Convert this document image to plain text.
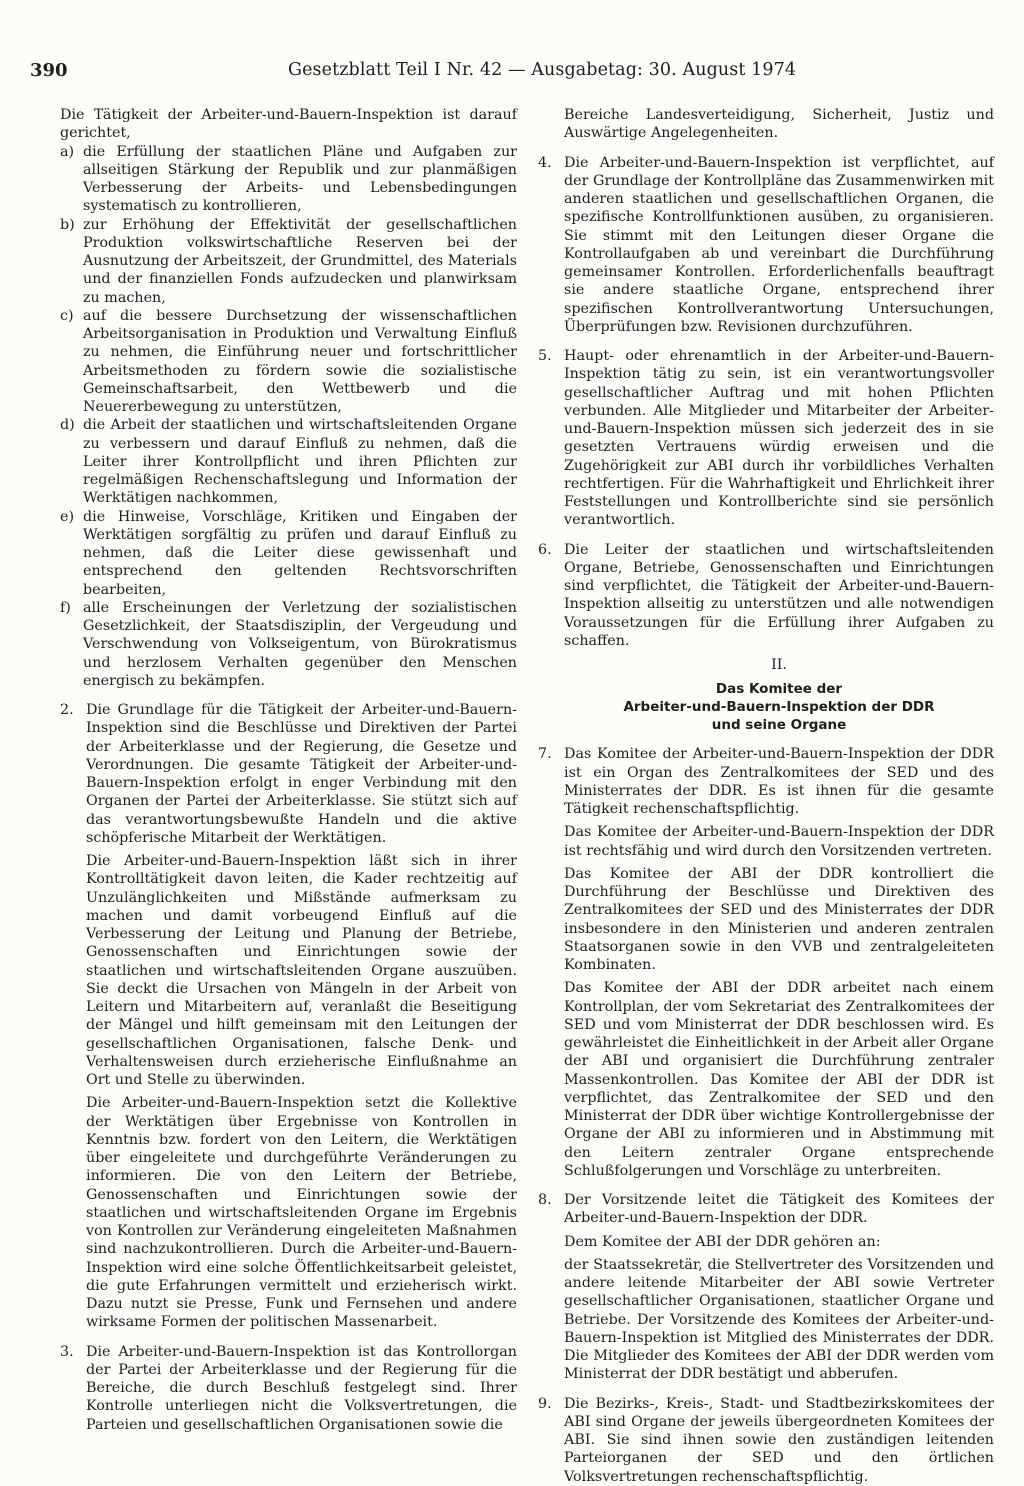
390	Gesetzblatt Teil I Nr. 42 — Ausgabetag: 30. August 1974

Die Tätigkeit der Arbeiter-und-Bauern-Inspektion ist darauf gerichtet,

a) die Erfüllung der staatlichen Pläne und Aufgaben zur allseitigen Stärkung der Republik und zur planmäßigen Verbesserung der Arbeits- und Lebensbedingungen systematisch zu kontrollieren,

b) zur Erhöhung der Effektivität der gesellschaftlichen Produktion volkswirtschaftliche Reserven bei der Ausnutzung der Arbeitszeit, der Grundmittel, des Materials und der finanziellen Fonds aufzudecken und planwirksam zu machen,

c) auf die bessere Durchsetzung der wissenschaftlichen Arbeitsorganisation in Produktion und Verwaltung Einfluß zu nehmen, die Einführung neuer und fortschrittlicher Arbeitsmethoden zu fördern sowie die sozialistische Gemeinschaftsarbeit, den Wettbewerb und die Neuererbewegung zu unterstützen,

d) die Arbeit der staatlichen und wirtschaftsleitenden Organe zu verbessern und darauf Einfluß zu nehmen, daß die Leiter ihrer Kontrollpflicht und ihren Pflichten zur regelmäßigen Rechenschaftslegung und Information der Werktätigen nachkommen,

e) die Hinweise, Vorschläge, Kritiken und Eingaben der Werktätigen sorgfältig zu prüfen und darauf Einfluß zu nehmen, daß die Leiter diese gewissenhaft und entsprechend den geltenden Rechtsvorschriften bearbeiten,

f) alle Erscheinungen der Verletzung der sozialistischen Gesetzlichkeit, der Staatsdisziplin, der Vergeudung und Verschwendung von Volkseigentum, von Bürokratismus und herzlosem Verhalten gegenüber den Menschen energisch zu bekämpfen.

2. Die Grundlage für die Tätigkeit der Arbeiter-und-Bauern-Inspektion sind die Beschlüsse und Direktiven der Partei der Arbeiterklasse und der Regierung, die Gesetze und Verordnungen. Die gesamte Tätigkeit der Arbeiter-und-Bauern-Inspektion erfolgt in enger Verbindung mit den Organen der Partei der Arbeiterklasse. Sie stützt sich auf das verantwortungsbewußte Handeln und die aktive schöpferische Mitarbeit der Werktätigen.

Die Arbeiter-und-Bauern-Inspektion läßt sich in ihrer Kontrolltätigkeit davon leiten, die Kader rechtzeitig auf Unzulänglichkeiten und Mißstände aufmerksam zu machen und damit vorbeugend Einfluß auf die Verbesserung der Leitung und Planung der Betriebe, Genossenschaften und Einrichtungen sowie der staatlichen und wirtschaftsleitenden Organe auszuüben. Sie deckt die Ursachen von Mängeln in der Arbeit von Leitern und Mitarbeitern auf, veranlaßt die Beseitigung der Mängel und hilft gemeinsam mit den Leitungen der gesellschaftlichen Organisationen, falsche Denk- und Verhaltensweisen durch erzieherische Einflußnahme an Ort und Stelle zu überwinden.

Die Arbeiter-und-Bauern-Inspektion setzt die Kollektive der Werktätigen über Ergebnisse von Kontrollen in Kenntnis bzw. fordert von den Leitern, die Werktätigen über eingeleitete und durchgeführte Veränderungen zu informieren. Die von den Leitern der Betriebe, Genossenschaften und Einrichtungen sowie der staatlichen und wirtschaftsleitenden Organe im Ergebnis von Kontrollen zur Veränderung eingeleiteten Maßnahmen sind nachzukontrollieren. Durch die Arbeiter-und-Bauern-Inspektion wird eine solche Öffentlichkeitsarbeit geleistet, die gute Erfahrungen vermittelt und erzieherisch wirkt. Dazu nutzt sie Presse, Funk und Fernsehen und andere wirksame Formen der politischen Massenarbeit.

3. Die Arbeiter-und-Bauern-Inspektion ist das Kontrollorgan der Partei der Arbeiterklasse und der Regierung für die Bereiche, die durch Beschluß festgelegt sind. Ihrer Kontrolle unterliegen nicht die Volksvertretungen, die Parteien und gesellschaftlichen Organisationen sowie die

Bereiche Landesverteidigung, Sicherheit, Justiz und Auswärtige Angelegenheiten.

4. Die Arbeiter-und-Bauern-Inspektion ist verpflichtet, auf der Grundlage der Kontrollpläne das Zusammenwirken mit anderen staatlichen und gesellschaftlichen Organen, die spezifische Kontrollfunktionen ausüben, zu organisieren. Sie stimmt mit den Leitungen dieser Organe die Kontrollaufgaben ab und vereinbart die Durchführung gemeinsamer Kontrollen. Erforderlichenfalls beauftragt sie andere staatliche Organe, entsprechend ihrer spezifischen Kontrollverantwortung Untersuchungen, Überprüfungen bzw. Revisionen durchzuführen.

5. Haupt- oder ehrenamtlich in der Arbeiter-und-Bauern-Inspektion tätig zu sein, ist ein verantwortungsvoller gesellschaftlicher Auftrag und mit hohen Pflichten verbunden. Alle Mitglieder und Mitarbeiter der Arbeiter-und-Bauern-Inspektion müssen sich jederzeit des in sie gesetzten Vertrauens würdig erweisen und die Zugehörigkeit zur ABI durch ihr vorbildliches Verhalten rechtfertigen. Für die Wahrhaftigkeit und Ehrlichkeit ihrer Feststellungen und Kontrollberichte sind sie persönlich verantwortlich.

6. Die Leiter der staatlichen und wirtschaftsleitenden Organe, Betriebe, Genossenschaften und Einrichtungen sind verpflichtet, die Tätigkeit der Arbeiter-und-Bauern-Inspektion allseitig zu unterstützen und alle notwendigen Voraussetzungen für die Erfüllung ihrer Aufgaben zu schaffen.

II.
Das Komitee der
Arbeiter-und-Bauern-Inspektion der DDR
und seine Organe
7. Das Komitee der Arbeiter-und-Bauern-Inspektion der DDR ist ein Organ des Zentralkomitees der SED und des Ministerrates der DDR. Es ist ihnen für die gesamte Tätigkeit rechenschaftspflichtig.

Das Komitee der Arbeiter-und-Bauern-Inspektion der DDR ist rechtsfähig und wird durch den Vorsitzenden vertreten.

Das Komitee der ABI der DDR kontrolliert die Durchführung der Beschlüsse und Direktiven des Zentralkomitees der SED und des Ministerrates der DDR insbesondere in den Ministerien und anderen zentralen Staatsorganen sowie in den VVB und zentralgeleiteten Kombinaten.

Das Komitee der ABI der DDR arbeitet nach einem Kontrollplan, der vom Sekretariat des Zentralkomitees der SED und vom Ministerrat der DDR beschlossen wird. Es gewährleistet die Einheitlichkeit in der Arbeit aller Organe der ABI und organisiert die Durchführung zentraler Massenkontrollen. Das Komitee der ABI der DDR ist verpflichtet, das Zentralkomitee der SED und den Ministerrat der DDR über wichtige Kontrollergebnisse der Organe der ABI zu informieren und in Abstimmung mit den Leitern zentraler Organe entsprechende Schlußfolgerungen und Vorschläge zu unterbreiten.

8. Der Vorsitzende leitet die Tätigkeit des Komitees der Arbeiter-und-Bauern-Inspektion der DDR.

Dem Komitee der ABI der DDR gehören an:

der Staatssekretär, die Stellvertreter des Vorsitzenden und andere leitende Mitarbeiter der ABI sowie Vertreter gesellschaftlicher Organisationen, staatlicher Organe und Betriebe. Der Vorsitzende des Komitees der Arbeiter-und-Bauern-Inspektion ist Mitglied des Ministerrates der DDR. Die Mitglieder des Komitees der ABI der DDR werden vom Ministerrat der DDR bestätigt und abberufen.

9. Die Bezirks-, Kreis-, Stadt- und Stadtbezirkskomitees der ABI sind Organe der jeweils übergeordneten Komitees der ABI. Sie sind ihnen sowie den zuständigen leitenden Parteiorganen der SED und den örtlichen Volksvertretungen rechenschaftspflichtig.
